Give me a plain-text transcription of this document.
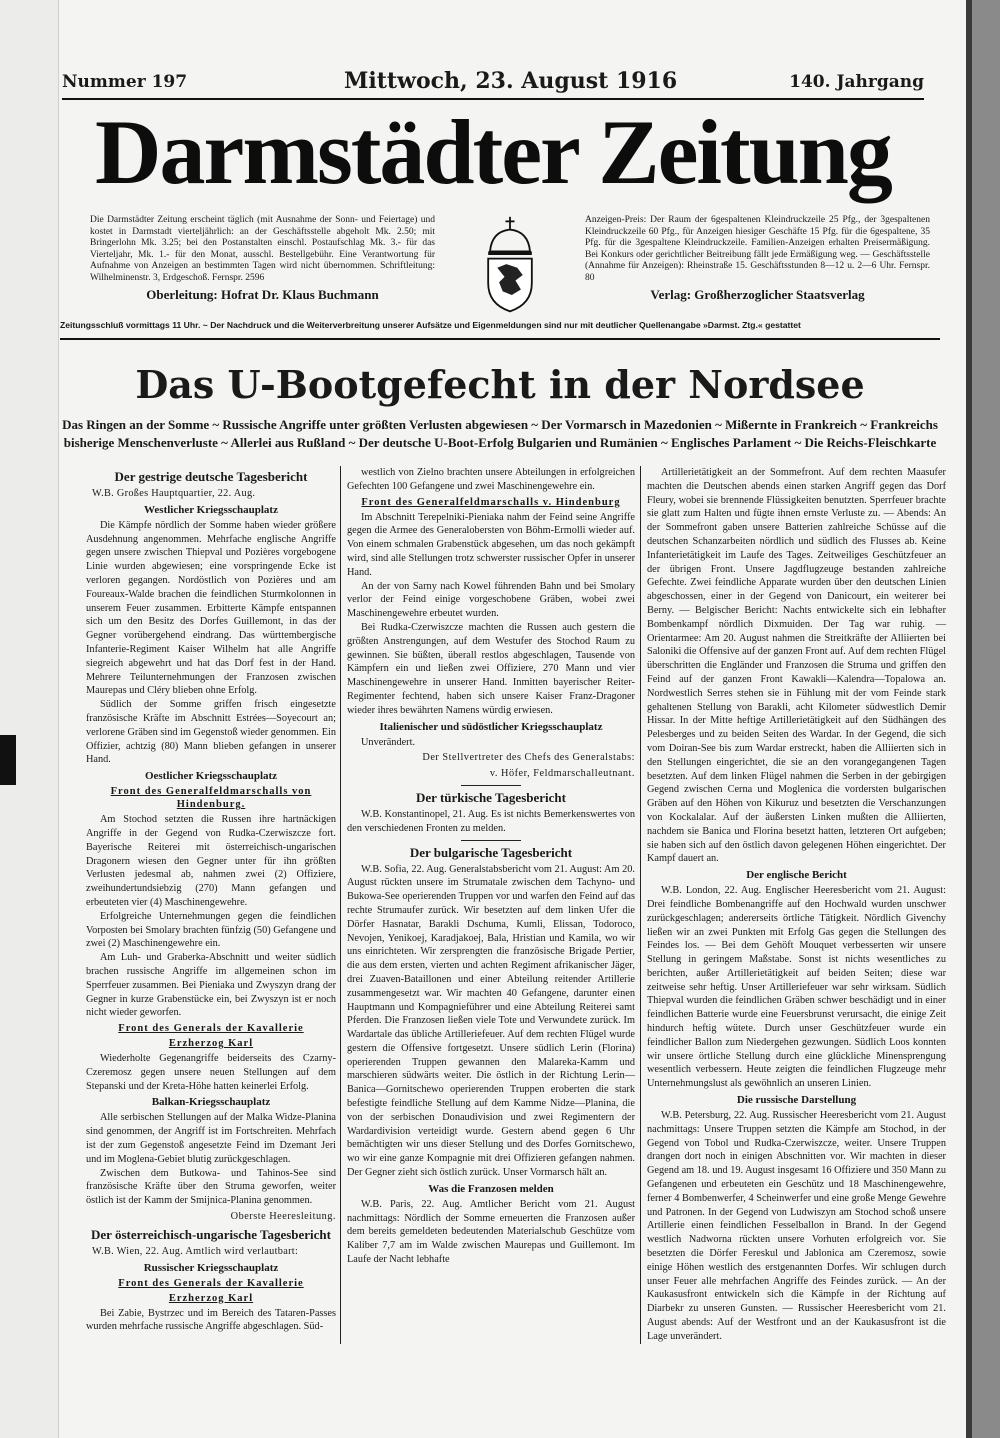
Nummer 197	Mittwoch, 23. August 1916	140. Jahrgang
Darmstädter Zeitung
Die Darmstädter Zeitung erscheint täglich (mit Ausnahme der Sonn- und Feiertage) und kostet in Darmstadt vierteljährlich: an der Geschäftsstelle abgeholt Mk. 2.50; mit Bringerlohn Mk. 3.25; bei den Postanstalten einschl. Postaufschlag Mk. 3.- für das Vierteljahr, Mk. 1.- für den Monat, ausschl. Bestellgebühr. Eine Verantwortung für Aufnahme von Anzeigen an bestimmten Tagen wird nicht übernommen. Schriftleitung: Wilhelminenstr. 3, Erdgeschoß. Fernspr. 2596
Oberleitung: Hofrat Dr. Klaus Buchmann
Anzeigen-Preis: Der Raum der 6gespaltenen Kleindruckzeile 25 Pfg., der 3gespaltenen Kleindruckzeile 60 Pfg., für Anzeigen hiesiger Geschäfte 15 Pfg. für die 6gespaltene, 35 Pfg. für die 3gespaltene Kleindruckzeile. Familien-Anzeigen erhalten Preisermäßigung. Bei Konkurs oder gerichtlicher Beitreibung fällt jede Ermäßigung weg. — Geschäftsstelle (Annahme für Anzeigen): Rheinstraße 15. Geschäftsstunden 8—12 u. 2—6 Uhr. Fernspr. 80
Verlag: Großherzoglicher Staatsverlag
Zeitungsschluß vormittags 11 Uhr. ~ Der Nachdruck und die Weiterverbreitung unserer Aufsätze und Eigenmeldungen sind nur mit deutlicher Quellenangabe »Darmst. Ztg.« gestattet
Das U-Bootgefecht in der Nordsee
Das Ringen an der Somme ~ Russische Angriffe unter größten Verlusten abgewiesen ~ Der Vormarsch in Mazedonien ~ Mißernte in Frankreich ~ Frankreichs bisherige Menschenverluste ~ Allerlei aus Rußland ~ Der deutsche U-Boot-Erfolg Bulgarien und Rumänien ~ Englisches Parlament ~ Die Reichs-Fleischkarte
Der gestrige deutsche Tagesbericht

W.B. Großes Hauptquartier, 22. Aug.

Westlicher Kriegsschauplatz

Die Kämpfe nördlich der Somme haben wieder größere Ausdehnung angenommen. Mehrfache englische Angriffe gegen unsere zwischen Thiepval und Pozières vorgebogene Linie wurden abgewiesen; eine vorspringende Ecke ist verloren gegangen. Nordöstlich von Pozières und am Foureaux-Walde brachen die feindlichen Sturmkolonnen in unserem Feuer zusammen. Erbitterte Kämpfe entspannen sich um den Besitz des Dorfes Guillemont, in das der Gegner vorübergehend eindrang. Das württembergische Infanterie-Regiment Kaiser Wilhelm hat alle Angriffe siegreich abgewehrt und hat das Dorf fest in der Hand. Mehrere Teilunternehmungen der Franzosen zwischen Maurepas und Cléry blieben ohne Erfolg.

Südlich der Somme griffen frisch eingesetzte französische Kräfte im Abschnitt Estrées—Soyecourt an; verlorene Gräben sind im Gegenstoß wieder genommen. Ein Offizier, achtzig (80) Mann blieben gefangen in unserer Hand.

Oestlicher Kriegsschauplatz
Front des Generalfeldmarschalls von Hindenburg.

Am Stochod setzten die Russen ihre hartnäckigen Angriffe in der Gegend von Rudka-Czerwiszcze fort. Bayerische Reiterei mit österreichisch-ungarischen Dragonern wiesen den Gegner unter für ihn größten Verlusten jedesmal ab, nahmen zwei (2) Offiziere, zweihundertundsiebzig (270) Mann gefangen und erbeuteten vier (4) Maschinengewehre.

Erfolgreiche Unternehmungen gegen die feindlichen Vorposten bei Smolary brachten fünfzig (50) Gefangene und zwei (2) Maschinengewehre ein.

Am Luh- und Graberka-Abschnitt und weiter südlich brachen russische Angriffe im allgemeinen schon im Sperrfeuer zusammen. Bei Pieniaka und Zwyszyn drang der Gegner in kurze Grabenstücke ein, bei Zwyszyn ist er noch nicht wieder geworfen.

Front des Generals der Kavallerie
Erzherzog Karl

Wiederholte Gegenangriffe beiderseits des Czarny-Czeremosz gegen unsere neuen Stellungen auf dem Stepanski und der Kreta-Höhe hatten keinerlei Erfolg.

Balkan-Kriegsschauplatz

Alle serbischen Stellungen auf der Malka Widze-Planina sind genommen, der Angriff ist im Fortschreiten. Mehrfach ist der zum Gegenstoß angesetzte Feind im Dzemant Jeri und im Moglena-Gebiet blutig zurückgeschlagen.

Zwischen dem Butkowa- und Tahinos-See sind französische Kräfte über den Struma geworfen, weiter östlich ist der Kamm der Smijnica-Planina genommen.

Oberste Heeresleitung.

Der österreichisch-ungarische Tagesbericht

W.B. Wien, 22. Aug. Amtlich wird verlautbart:

Russischer Kriegsschauplatz
Front des Generals der Kavallerie
Erzherzog Karl

Bei Zabie, Bystrzec und im Bereich des Tataren-Passes wurden mehrfache russische Angriffe abgeschlagen. Süd-

westlich von Zielno brachten unsere Abteilungen in erfolgreichen Gefechten 100 Gefangene und zwei Maschinengewehre ein.

Front des Generalfeldmarschalls v. Hindenburg

Im Abschnitt Terepelniki-Pieniaka nahm der Feind seine Angriffe gegen die Armee des Generalobersten von Böhm-Ermolli wieder auf. Von einem schmalen Grabenstück abgesehen, um das noch gekämpft wird, sind alle Stellungen trotz schwerster russischer Opfer in unserer Hand.

An der von Sarny nach Kowel führenden Bahn und bei Smolary verlor der Feind einige vorgeschobene Gräben, wobei zwei Maschinengewehre erbeutet wurden.

Bei Rudka-Czerwiszcze machten die Russen auch gestern die größten Anstrengungen, auf dem Westufer des Stochod Raum zu gewinnen. Sie büßten, überall restlos abgeschlagen, Tausende von Kämpfern ein und ließen zwei Offiziere, 270 Mann und vier Maschinengewehre in unserer Hand. Inmitten bayerischer Reiter-Regimenter fechtend, haben sich unsere Kaiser Franz-Dragoner wieder ihres bewährten Namens würdig erwiesen.

Italienischer und südöstlicher Kriegsschauplatz

Unverändert.

Der Stellvertreter des Chefs des Generalstabs:

v. Höfer, Feldmarschalleutnant.

Der türkische Tagesbericht

W.B. Konstantinopel, 21. Aug. Es ist nichts Bemerkenswertes von den verschiedenen Fronten zu melden.

Der bulgarische Tagesbericht

W.B. Sofia, 22. Aug. Generalstabsbericht vom 21. August: Am 20. August rückten unsere im Strumatale zwischen dem Tachyno- und Bukowa-See operierenden Truppen vor und warfen den Feind auf das rechte Strumaufer zurück. Wir besetzten auf dem linken Ufer die Dörfer Hasnatar, Barakli Dschuma, Kumli, Elissan, Todoroco, Nevojen, Yenikoej, Karadjakoej, Bala, Hristian und Kamila, wo wir uns einrichteten. Wir zersprengten die französische Brigade Pertier, die aus dem ersten, vierten und achten Regiment afrikanischer Jäger, drei Zuaven-Bataillonen und einer Abteilung reitender Artillerie zusammengesetzt war. Wir machten 40 Gefangene, darunter einen Hauptmann und Kompagnieführer und eine Abteilung Reiterei samt Pferden. Die Franzosen ließen viele Tote und Verwundete zurück. Im Wardartale das übliche Artilleriefeuer. Auf dem rechten Flügel wurde gestern die Offensive fortgesetzt. Unsere südlich Lerin (Florina) operierenden Truppen gewannen den Malareka-Kamm und marschieren südwärts weiter. Die östlich in der Richtung Lerin—Banica—Gornitschewo operierenden Truppen eroberten die stark befestigte feindliche Stellung auf dem Kamme Nidze—Planina, die von der serbischen Donaudivision und zwei Regimentern der Wardardivision verteidigt wurde. Gestern abend gegen 6 Uhr bemächtigten wir uns dieser Stellung und des Dorfes Gornitschewo, wo wir eine ganze Kompagnie mit drei Offizieren gefangen nahmen. Der Gegner zieht sich östlich zurück. Unser Vormarsch hält an.

Was die Franzosen melden

W.B. Paris, 22. Aug. Amtlicher Bericht vom 21. August nachmittags: Nördlich der Somme erneuerten die Franzosen außer dem bereits gemeldeten bedeutenden Materialschub Geschütze vom Kaliber 7,7 am im Walde zwischen Maurepas und Guillemont. Im Laufe der Nacht lebhafte

Artillerietätigkeit an der Sommefront. Auf dem rechten Maasufer machten die Deutschen abends einen starken Angriff gegen das Dorf Fleury, wobei sie brennende Flüssigkeiten benutzten. Sperrfeuer brachte sie glatt zum Halten und fügte ihnen ernste Verluste zu. — Abends: An der Sommefront gaben unsere Batterien zahlreiche Schüsse auf die deutschen Schanzarbeiten nördlich und südlich des Flusses ab. Keine Infanterietätigkeit im Laufe des Tages. Zeitweiliges Geschützfeuer an der übrigen Front. Unsere Jagdflugzeuge bestanden zahlreiche Gefechte. Zwei feindliche Apparate wurden über den deutschen Linien abgeschossen, einer in der Gegend von Danicourt, ein weiterer bei Berny. — Belgischer Bericht: Nachts entwickelte sich ein lebhafter Bombenkampf nördlich Dixmuiden. Der Tag war ruhig. — Orientarmee: Am 20. August nahmen die Streitkräfte der Alliierten bei Saloniki die Offensive auf der ganzen Front auf. Auf dem rechten Flügel überschritten die Engländer und Franzosen die Struma und griffen den Feind auf der ganzen Front Kawakli—Kalendra—Topalowa an. Nordwestlich Serres stehen sie in Fühlung mit der vom Feinde stark gehaltenen Stellung von Barakli, acht Kilometer südwestlich Demir Hissar. In der Mitte heftige Artillerietätigkeit auf den Südhängen des Pelesberges und zu beiden Seiten des Wardar. In der Gegend, die sich vom Doiran-See bis zum Wardar erstreckt, haben die Alliierten sich in den Stellungen eingerichtet, die sie an den vorangegangenen Tagen besetzten. Auf dem linken Flügel nahmen die Serben in der gebirgigen Gegend zwischen Cerna und Moglenica die vordersten bulgarischen Gräben auf den Höhen von Kikuruz und besetzten die Verschanzungen von Kockalalar. Auf der äußersten Linken mußten die Alliierten, nachdem sie Banica und Florina besetzt hatten, letzteren Ort aufgeben; sie haben sich auf den östlich davon gelegenen Höhen eingerichtet. Der Kampf dauert an.

Der englische Bericht

W.B. London, 22. Aug. Englischer Heeresbericht vom 21. August: Drei feindliche Bombenangriffe auf den Hochwald wurden unschwer zurückgeschlagen; andererseits örtliche Tätigkeit. Nördlich Givenchy ließen wir an zwei Punkten mit Erfolg Gas gegen die Stellungen des Feindes los. — Bei dem Gehöft Mouquet verbesserten wir unsere Stellung in geringem Maßstabe. Sonst ist nichts wesentliches zu berichten, außer Artillerietätigkeit auf beiden Seiten; diese war zeitweise sehr heftig. Unser Artilleriefeuer war sehr wirksam. Südlich Thiepval wurden die feindlichen Gräben schwer beschädigt und in einer feindlichen Batterie wurde eine Feuersbrunst verursacht, die einige Zeit hindurch heftig wütete. Durch unser Geschützfeuer wurde ein feindlicher Ballon zum Niedergehen gezwungen. Südlich Loos konnten wir unsere örtliche Stellung durch eine glückliche Minensprengung wesentlich verbessern. Heute zeigten die feindlichen Flugzeuge mehr Unternehmungslust als gewöhnlich an unseren Linien.

Die russische Darstellung

W.B. Petersburg, 22. Aug. Russischer Heeresbericht vom 21. August nachmittags: Unsere Truppen setzten die Kämpfe am Stochod, in der Gegend von Tobol und Rudka-Czerwiszcze, weiter. Unsere Truppen drangen dort noch in einigen Abschnitten vor. Wir machten in dieser Gegend am 18. und 19. August insgesamt 16 Offiziere und 350 Mann zu Gefangenen und erbeuteten ein Geschütz und 18 Maschinengewehre, ferner 4 Bombenwerfer, 4 Scheinwerfer und eine große Menge Gewehre und Patronen. In der Gegend von Ludwiszyn am Stochod schoß unsere Artillerie einen feindlichen Fesselballon in Brand. In der Gegend westlich Nadworna rückten unsere Vorhuten erfolgreich vor. Sie besetzten die Dörfer Fereskul und Jablonica am Czeremosz, sowie einige Höhen westlich des erstgenannten Dorfes. Wir schlugen durch unser Feuer alle mehrfachen Angriffe des Feindes zurück. — An der Kaukasusfront entwickeln sich die Kämpfe in der Richtung auf Diarbekr zu unseren Gunsten. — Russischer Heeresbericht vom 21. August abends: Auf der Westfront und an der Kaukasusfront ist die Lage unverändert.
